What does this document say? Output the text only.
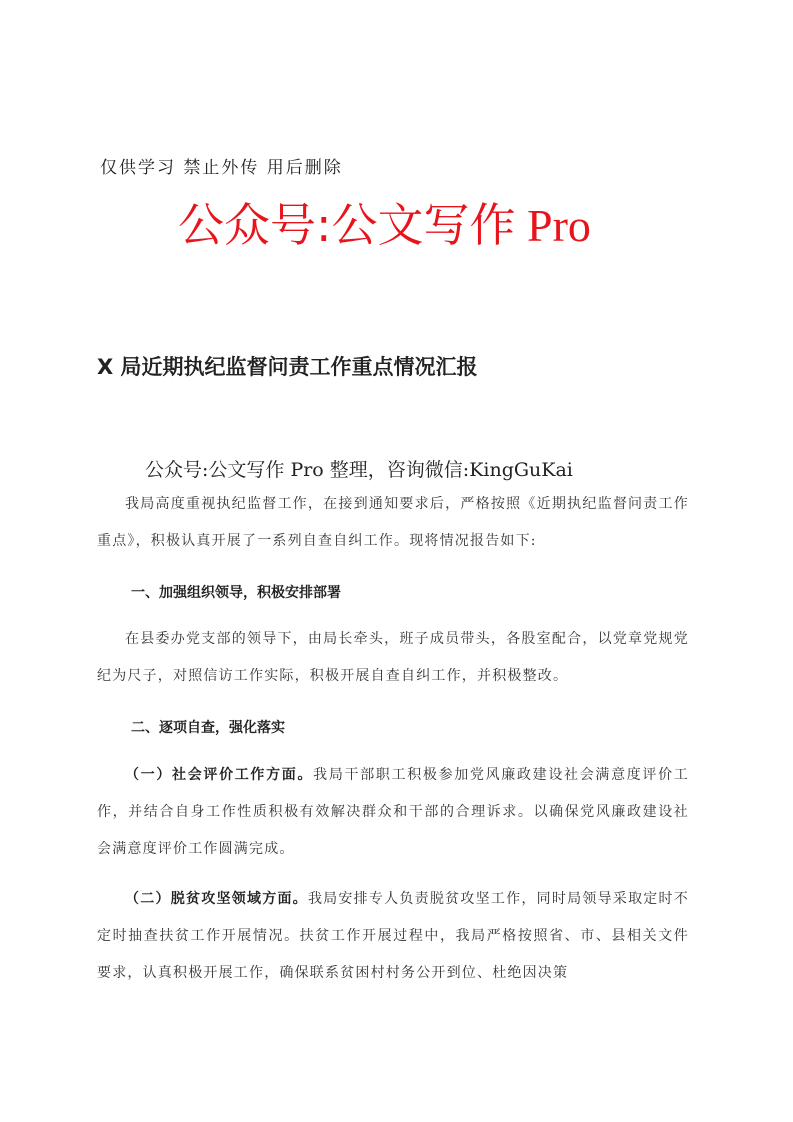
仅供学习 禁止外传 用后删除
公众号:公文写作 Pro
X 局近期执纪监督问责工作重点情况汇报
公众号:公文写作 Pro 整理，咨询微信:KingGuKai
我局高度重视执纪监督工作，在接到通知要求后，严格按照《近期执纪监督问责工作重点》，积极认真开展了一系列自查自纠工作。现将情况报告如下:
一、加强组织领导，积极安排部署
在县委办党支部的领导下，由局长牵头，班子成员带头，各股室配合，以党章党规党纪为尺子，对照信访工作实际，积极开展自查自纠工作，并积极整改。
二、逐项自查，强化落实
（一）社会评价工作方面。我局干部职工积极参加党风廉政建设社会满意度评价工作，并结合自身工作性质积极有效解决群众和干部的合理诉求。以确保党风廉政建设社会满意度评价工作圆满完成。
（二）脱贫攻坚领域方面。我局安排专人负责脱贫攻坚工作，同时局领导采取定时不定时抽查扶贫工作开展情况。扶贫工作开展过程中，我局严格按照省、市、县相关文件要求，认真积极开展工作，确保联系贫困村村务公开到位、杜绝因决策
